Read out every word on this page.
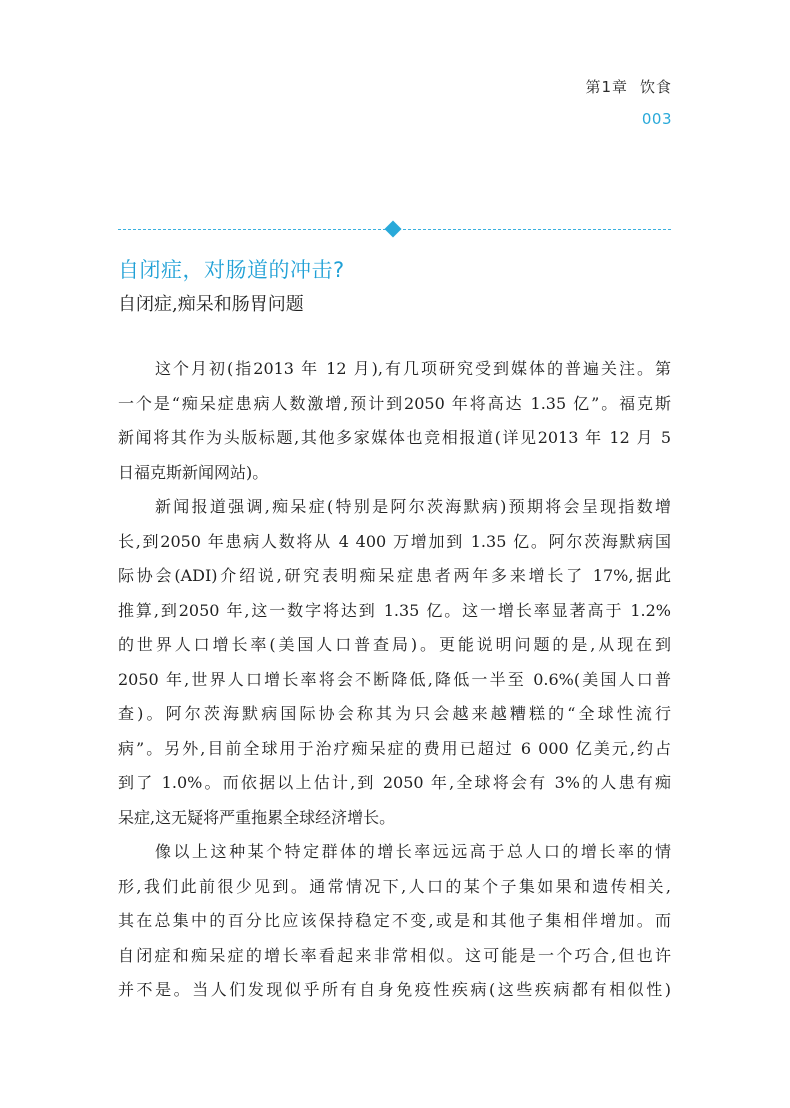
第1章 饮食
003
自闭症，对肠道的冲击?
自闭症,痴呆和肠胃问题
这个月初(指2013 年 12 月),有几项研究受到媒体的普遍关注。第
一个是“痴呆症患病人数激增,预计到2050 年将高达 1.35 亿”。福克斯
新闻将其作为头版标题,其他多家媒体也竞相报道(详见2013 年 12 月 5
日福克斯新闻网站)。
新闻报道强调,痴呆症(特别是阿尔茨海默病)预期将会呈现指数增
长,到2050 年患病人数将从 4 400 万增加到 1.35 亿。阿尔茨海默病国
际协会(ADI)介绍说,研究表明痴呆症患者两年多来增长了 17%,据此
推算,到2050 年,这一数字将达到 1.35 亿。这一增长率显著高于 1.2%
的世界人口增长率(美国人口普查局)。更能说明问题的是,从现在到
2050 年,世界人口增长率将会不断降低,降低一半至 0.6%(美国人口普
查)。阿尔茨海默病国际协会称其为只会越来越糟糕的“全球性流行
病”。另外,目前全球用于治疗痴呆症的费用已超过 6 000 亿美元,约占
到了 1.0%。而依据以上估计,到 2050 年,全球将会有 3%的人患有痴
呆症,这无疑将严重拖累全球经济增长。
像以上这种某个特定群体的增长率远远高于总人口的增长率的情
形,我们此前很少见到。通常情况下,人口的某个子集如果和遗传相关,
其在总集中的百分比应该保持稳定不变,或是和其他子集相伴增加。而
自闭症和痴呆症的增长率看起来非常相似。这可能是一个巧合,但也许
并不是。当人们发现似乎所有自身免疫性疾病(这些疾病都有相似性)
